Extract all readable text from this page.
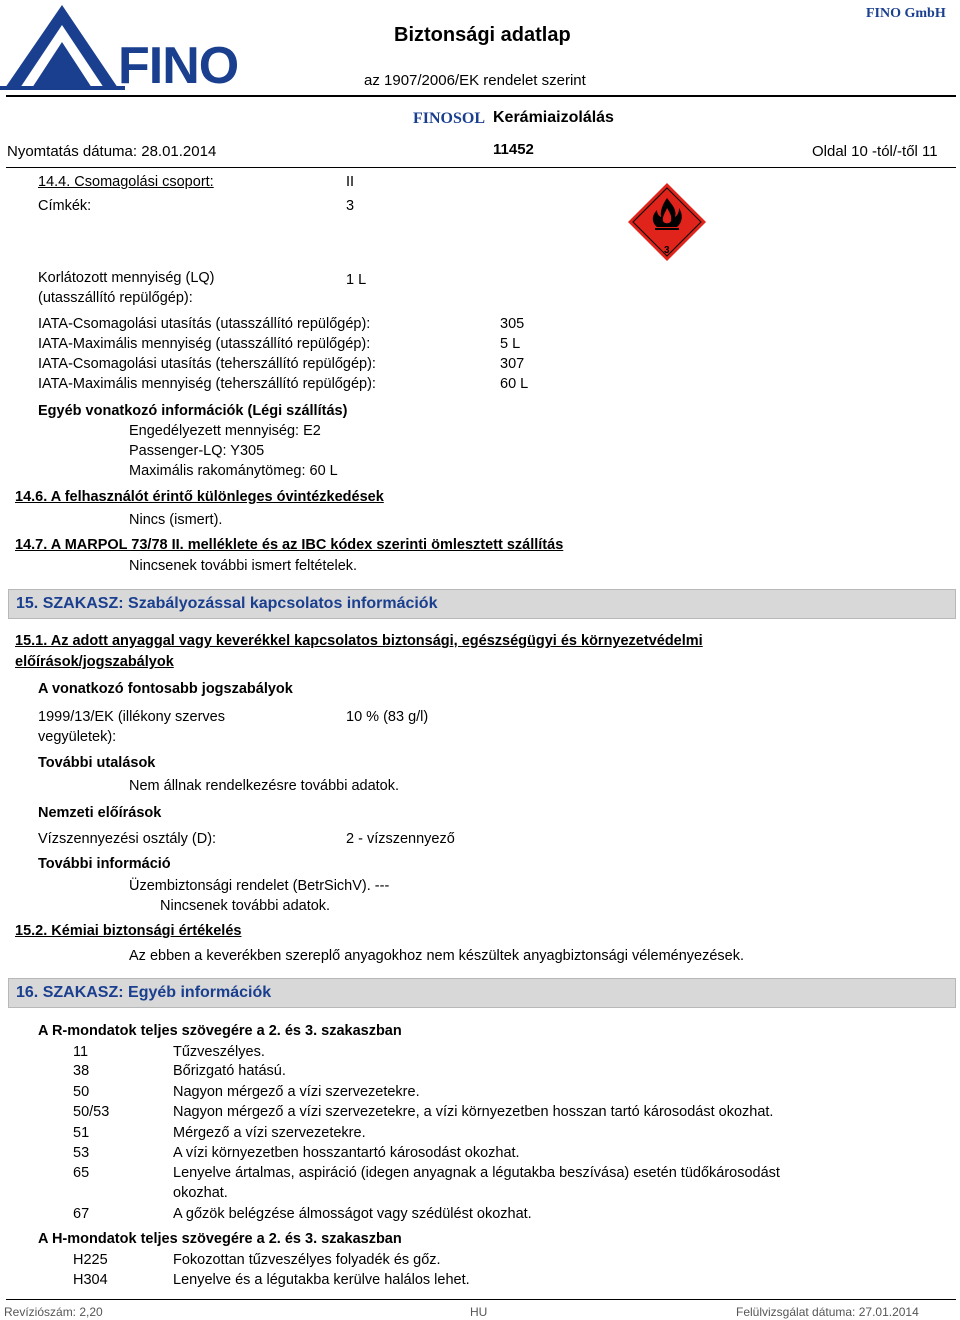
FINO
Biztonsági adatlap
az 1907/2006/EK rendelet szerint
FINO GmbH
FINOSOL Kerámiaizolálás
Nyomtatás dátuma: 28.01.2014	11452	Oldal 10 -tól/-től 11
14.4. Csomagolási csoport:	II
Címkék:	3
3
Korlátozott mennyiség (LQ)
(utasszállító repülőgép):
1 L
IATA-Csomagolási utasítás (utasszállító repülőgép):	305
IATA-Maximális mennyiség (utasszállító repülőgép):	5 L
IATA-Csomagolási utasítás (teherszállító repülőgép):	307
IATA-Maximális mennyiség (teherszállító repülőgép):	60 L
Egyéb vonatkozó információk (Légi szállítás)
Engedélyezett mennyiség: E2
Passenger-LQ: Y305
Maximális rakománytömeg: 60 L
14.6. A felhasználót érintő különleges óvintézkedések
Nincs (ismert).
14.7. A MARPOL 73/78 II. melléklete és az IBC kódex szerinti ömlesztett szállítás
Nincsenek további ismert feltételek.
15. SZAKASZ: Szabályozással kapcsolatos információk
15.1. Az adott anyaggal vagy keverékkel kapcsolatos biztonsági, egészségügyi és környezetvédelmi
előírások/jogszabályok
A vonatkozó fontosabb jogszabályok
1999/13/EK (illékony szerves
vegyületek):
10 % (83 g/l)
További utalások
Nem állnak rendelkezésre további adatok.
Nemzeti előírások
Vízszennyezési osztály (D):	2 - vízszennyező
További információ
Üzembiztonsági rendelet (BetrSichV). ---
Nincsenek további adatok.
15.2. Kémiai biztonsági értékelés
Az ebben a keverékben szereplő anyagokhoz nem készültek anyagbiztonsági véleményezések.
16. SZAKASZ: Egyéb információk
A R-mondatok teljes szövegére a 2. és 3. szakaszban
11	Tűzveszélyes.
38	Bőrizgató hatású.
50	Nagyon mérgező a vízi szervezetekre.
50/53	Nagyon mérgező a vízi szervezetekre, a vízi környezetben hosszan tartó károsodást okozhat.
51	Mérgező a vízi szervezetekre.
53	A vízi környezetben hosszantartó károsodást okozhat.
65	Lenyelve ártalmas, aspiráció (idegen anyagnak a légutakba beszívása) esetén tüdőkárosodást
okozhat.
67	A gőzök belégzése álmosságot vagy szédülést okozhat.
A H-mondatok teljes szövegére a 2. és 3. szakaszban
H225	Fokozottan tűzveszélyes folyadék és gőz.
H304	Lenyelve és a légutakba kerülve halálos lehet.
Revíziószám: 2,20	HU	Felülvizsgálat dátuma: 27.01.2014
